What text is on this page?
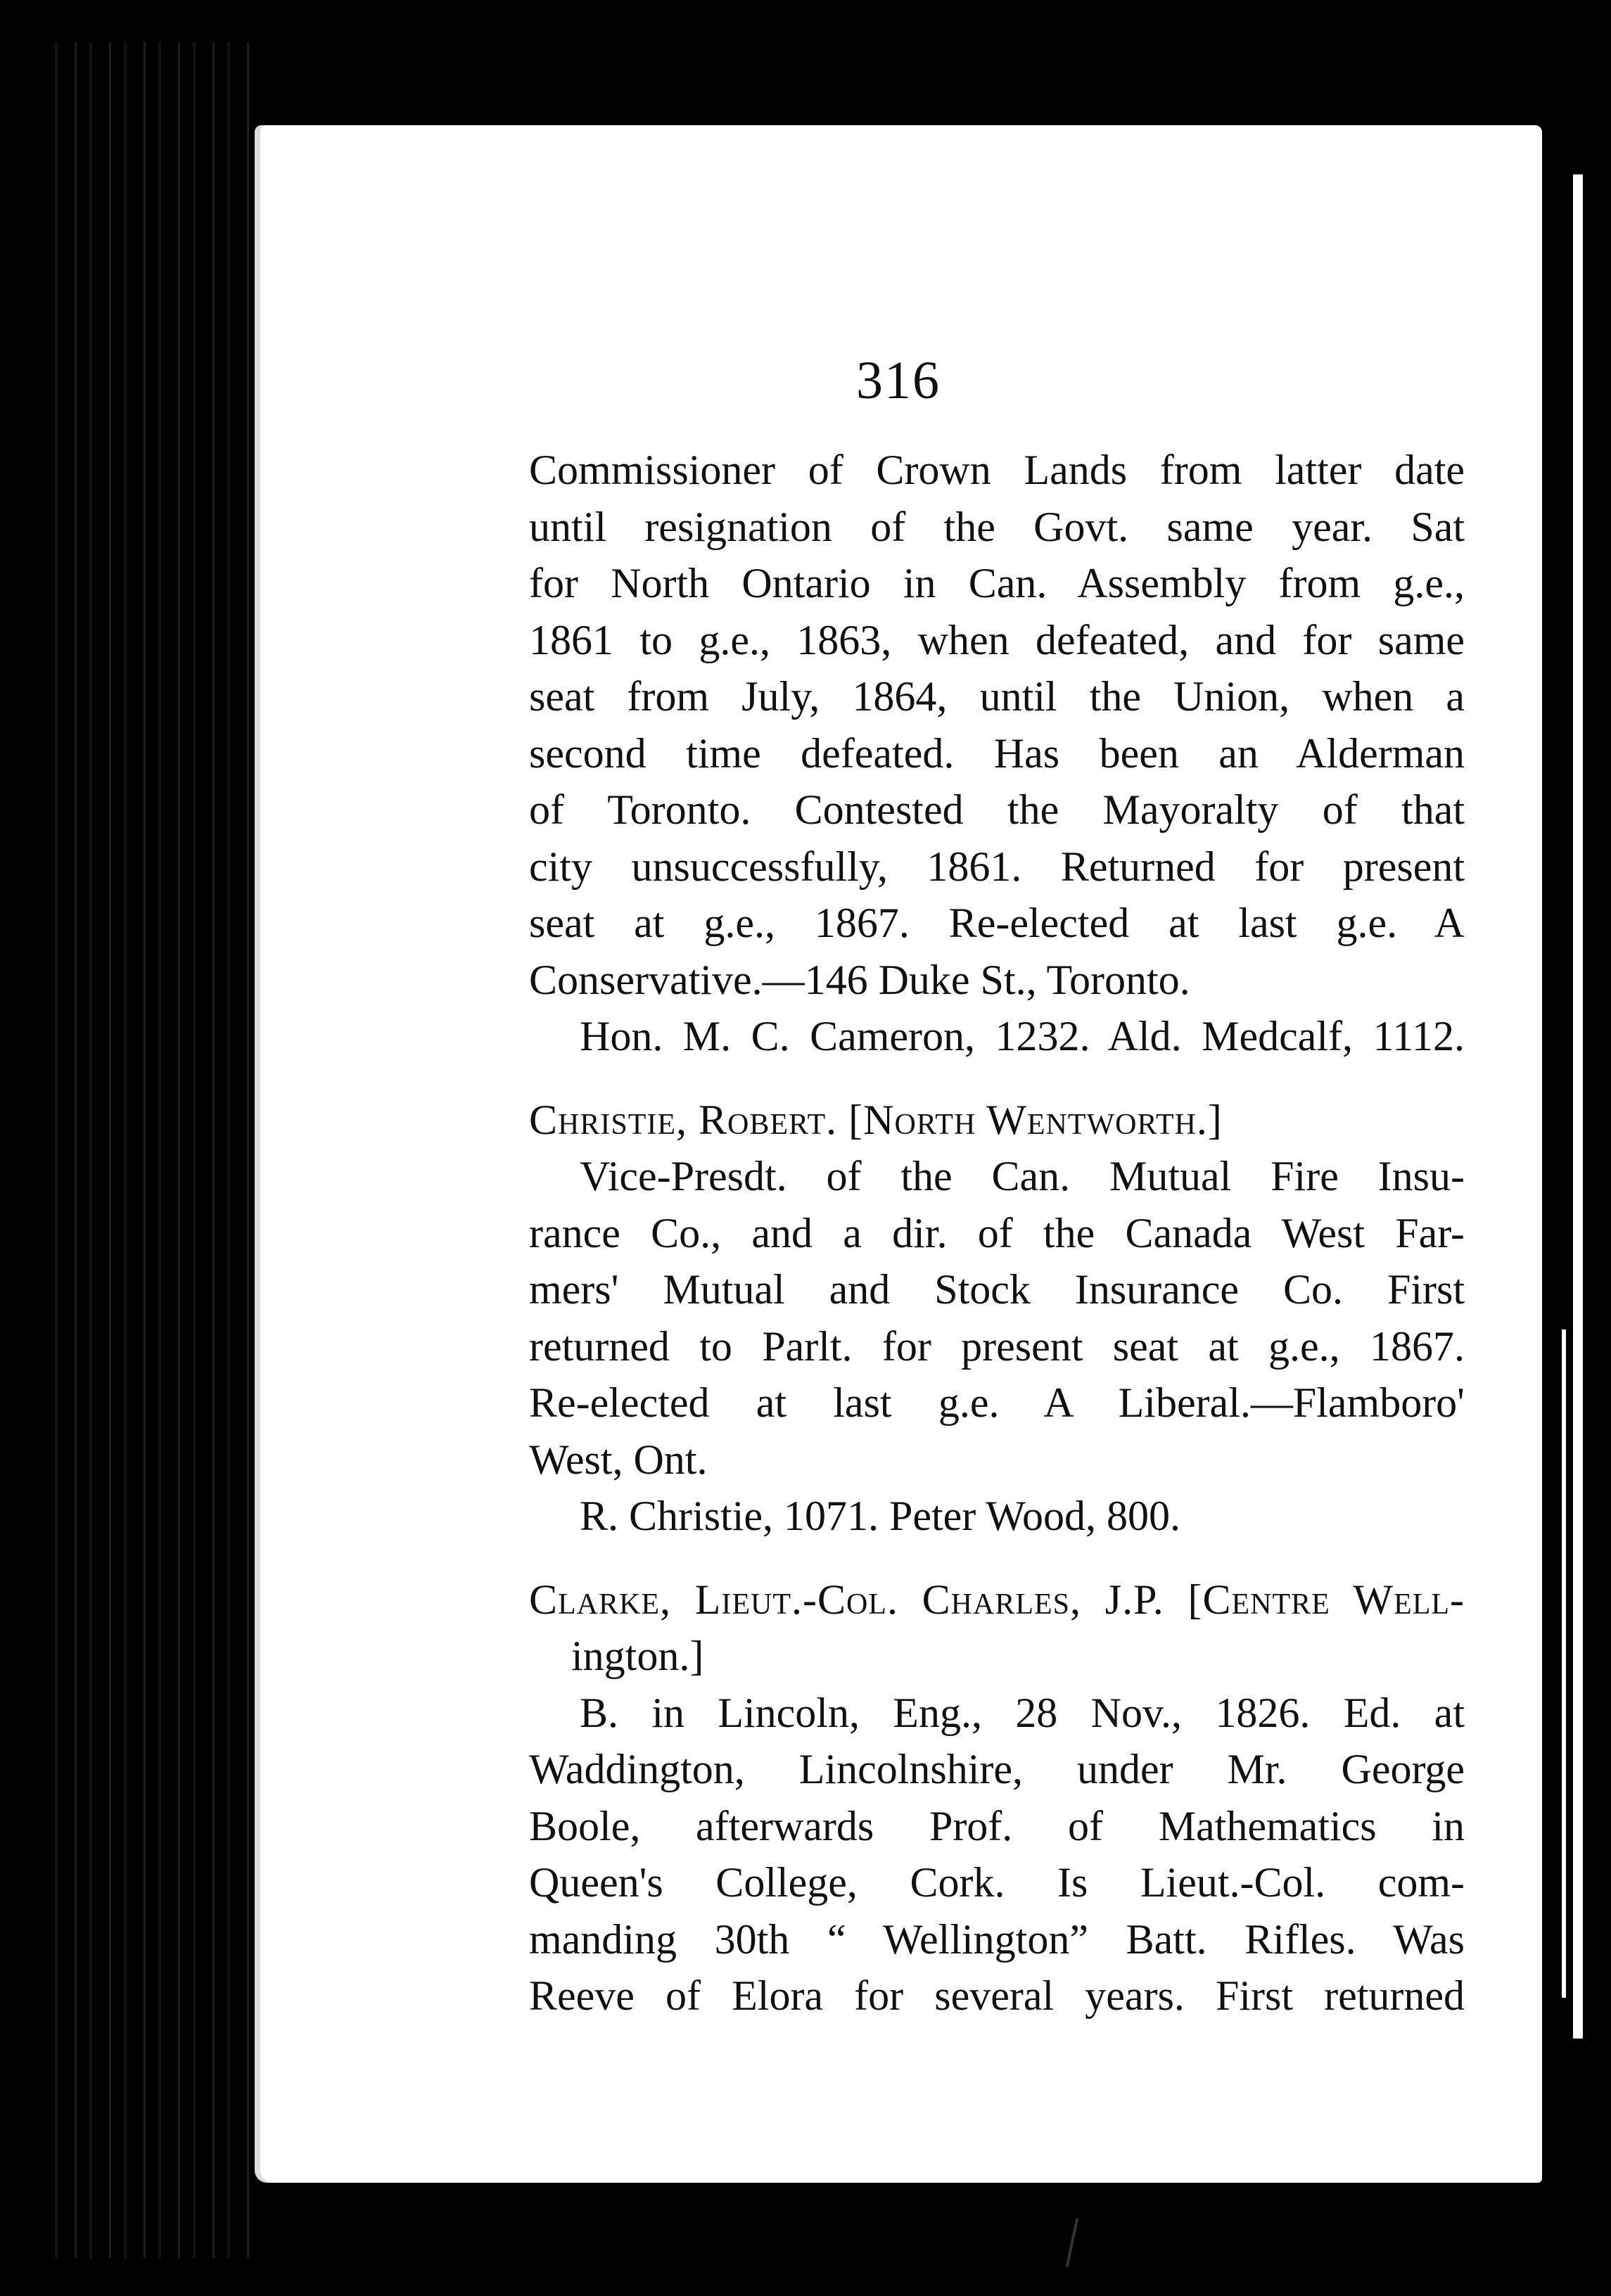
316

Commissioner of Crown Lands from latter date
until resignation of the Govt. same year. Sat
for North Ontario in Can. Assembly from g.e.,
1861 to g.e., 1863, when defeated, and for same
seat from July, 1864, until the Union, when a
second time defeated. Has been an Alderman
of Toronto. Contested the Mayoralty of that
city unsuccessfully, 1861. Returned for present
seat at g.e., 1867. Re-elected at last g.e. A
Conservative.—146 Duke St., Toronto.
Hon. M. C. Cameron, 1232. Ald. Medcalf, 1112.

Christie, Robert. [North Wentworth.]
Vice-Presdt. of the Can. Mutual Fire Insu-
rance Co., and a dir. of the Canada West Far-
mers' Mutual and Stock Insurance Co. First
returned to Parlt. for present seat at g.e., 1867.
Re-elected at last g.e. A Liberal.—Flamboro'
West, Ont.
R. Christie, 1071. Peter Wood, 800.

Clarke, Lieut.-Col. Charles, J.P. [Centre Well-
ington.]
B. in Lincoln, Eng., 28 Nov., 1826. Ed. at
Waddington, Lincolnshire, under Mr. George
Boole, afterwards Prof. of Mathematics in
Queen's College, Cork. Is Lieut.-Col. com-
manding 30th “ Wellington” Batt. Rifles. Was
Reeve of Elora for several years. First returned
